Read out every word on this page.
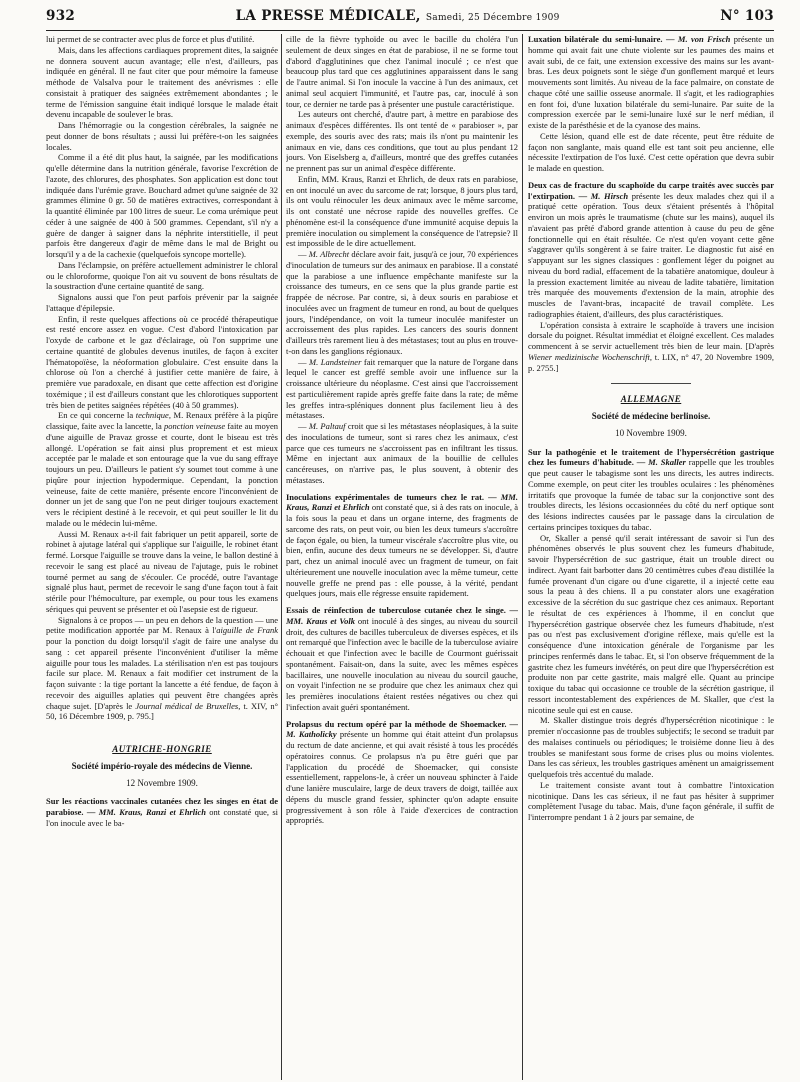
932	LA PRESSE MÉDICALE, Samedi, 25 Décembre 1909	N° 103

lui permet de se contracter avec plus de force et plus d'utilité.

Mais, dans les affections cardiaques proprement dites, la saignée ne donnera souvent aucun avantage; elle n'est, d'ailleurs, pas indiquée en général. Il ne faut citer que pour mémoire la fameuse méthode de Valsalva pour le traitement des anévrismes : elle consistait à pratiquer des saignées extrêmement abondantes ; le terme de l'émission sanguine était indiqué lorsque le malade était devenu incapable de soulever le bras.

Dans l'hémorragie ou la congestion cérébrales, la saignée ne peut donner de bons résultats ; aussi lui préfère-t-on les saignées locales.

Comme il a été dit plus haut, la saignée, par les modifications qu'elle détermine dans la nutrition générale, favorise l'excrétion de l'azote, des chlorures, des phosphates. Son application est donc tout indiquée dans l'urémie grave. Bouchard admet qu'une saignée de 32 grammes élimine 0 gr. 50 de matières extractives, correspondant à la quantité éliminée par 100 litres de sueur. Le coma urémique peut céder à une saignée de 400 à 500 grammes. Cependant, s'il n'y a guère de danger à saigner dans la néphrite interstitielle, il peut parfois être dangereux d'agir de même dans le mal de Bright ou lorsqu'il y a de la cachexie (quelquefois syncope mortelle).

Dans l'éclampsie, on préfère actuellement administrer le chloral ou le chloroforme, quoique l'on ait vu souvent de bons résultats de la soustraction d'une certaine quantité de sang.

Signalons aussi que l'on peut parfois prévenir par la saignée l'attaque d'épilepsie.

Enfin, il reste quelques affections où ce procédé thérapeutique est resté encore assez en vogue. C'est d'abord l'intoxication par l'oxyde de carbone et le gaz d'éclairage, où l'on supprime une certaine quantité de globules devenus inutiles, de façon à exciter l'hématopoïèse, la néoformation globulaire. C'est ensuite dans la chlorose où l'on a cherché à justifier cette manière de faire, à première vue paradoxale, en disant que cette affection est d'origine toxémique ; il est d'ailleurs constant que les chlorotiques supportent très bien de petites saignées répétées (40 à 50 grammes).

En ce qui concerne la technique, M. Renaux préfère à la piqûre classique, faite avec la lancette, la ponction veineuse faite au moyen d'une aiguille de Pravaz grosse et courte, dont le biseau est très allongé. L'opération se fait ainsi plus proprement et est mieux acceptée par le malade et son entourage que la vue du sang effraye toujours un peu. D'ailleurs le patient s'y soumet tout comme à une piqûre pour injection hypodermique. Cependant, la ponction veineuse, faite de cette manière, présente encore l'inconvénient de donner un jet de sang que l'on ne peut diriger toujours exactement vers le récipient destiné à le recevoir, et qui peut souiller le lit du malade ou le médecin lui-même.

Aussi M. Renaux a-t-il fait fabriquer un petit appareil, sorte de robinet à ajutage latéral qui s'applique sur l'aiguille, le robinet étant fermé. Lorsque l'aiguille se trouve dans la veine, le ballon destiné à recevoir le sang est placé au niveau de l'ajutage, puis le robinet tourné permet au sang de s'écouler. Ce procédé, outre l'avantage signalé plus haut, permet de recevoir le sang d'une façon tout à fait stérile pour l'hémoculture, par exemple, ou pour tous les examens sériques qui peuvent se présenter et où l'asepsie est de rigueur.

Signalons à ce propos — un peu en dehors de la question — une petite modification apportée par M. Renaux à l'aiguille de Frank pour la ponction du doigt lorsqu'il s'agit de faire une analyse du sang : cet appareil présente l'inconvénient d'utiliser la même aiguille pour tous les malades. La stérilisation n'en est pas toujours facile sur place. M. Renaux a fait modifier cet instrument de la façon suivante : la tige portant la lancette a été fendue, de façon à recevoir des aiguilles aplaties qui peuvent être changées après chaque sujet. [D'après le Journal médical de Bruxelles, t. XIV, n° 50, 16 Décembre 1909, p. 795.]

AUTRICHE-HONGRIE
Société império-royale des médecins de Vienne.
12 Novembre 1909.

Sur les réactions vaccinales cutanées chez les singes en état de parabiose. — MM. Kraus, Ranzi et Ehrlich ont constaté que, si l'on inocule avec le ba-

cille de la fièvre typhoïde ou avec le bacille du choléra l'un seulement de deux singes en état de parabiose, il ne se forme tout d'abord d'agglutinines que chez l'animal inoculé ; ce n'est que beaucoup plus tard que ces agglutinines apparaissent dans le sang de l'autre animal. Si l'on inocule la vaccine à l'un des animaux, cet animal seul acquiert l'immunité, et l'autre pas, car, inoculé à son tour, ce dernier ne tarde pas à présenter une pustule caractéristique.

Les auteurs ont cherché, d'autre part, à mettre en parabiose des animaux d'espèces différentes. Ils ont tenté de « parabioser », par exemple, des souris avec des rats; mais ils n'ont pu maintenir les animaux en vie, dans ces conditions, que tout au plus pendant 12 jours. Von Eiselsberg a, d'ailleurs, montré que des greffes cutanées ne prennent pas sur un animal d'espèce différente.

Enfin, MM. Kraus, Ranzi et Ehrlich, de deux rats en parabiose, en ont inoculé un avec du sarcome de rat; lorsque, 8 jours plus tard, ils ont voulu réinoculer les deux animaux avec le même sarcome, ils ont constaté une nécrose rapide des nouvelles greffes. Ce phénomène est-il la conséquence d'une immunité acquise depuis la première inoculation ou simplement la conséquence de l'atrepsie? Il est impossible de le dire actuellement.

— M. Albrecht déclare avoir fait, jusqu'à ce jour, 70 expériences d'inoculation de tumeurs sur des animaux en parabiose. Il a constaté que la parabiose a une influence empêchante manifeste sur la croissance des tumeurs, en ce sens que la plus grande partie est frappée de nécrose. Par contre, si, à deux souris en parabiose et inoculées avec un fragment de tumeur en rond, au bout de quelques jours, l'indépendance, on voit la tumeur inoculée manifester un accroissement des plus rapides. Les cancers des souris donnent d'ailleurs très rarement lieu à des métastases; tout au plus en trouve-t-on dans les ganglions régionaux.

— M. Landsteiner fait remarquer que la nature de l'organe dans lequel le cancer est greffé semble avoir une influence sur la croissance ultérieure du néoplasme. C'est ainsi que l'accroissement est particulièrement rapide après greffe faite dans la rate; de même les greffes intra-spléniques donnent plus facilement lieu à des métastases.

— M. Paltauf croit que si les métastases néoplasiques, à la suite des inoculations de tumeur, sont si rares chez les animaux, c'est parce que ces tumeurs ne s'accroissent pas en infiltrant les tissus. Même en injectant aux animaux de la bouillie de cellules cancéreuses, on n'arrive pas, le plus souvent, à obtenir des métastases.

Inoculations expérimentales de tumeurs chez le rat. — MM. Kraus, Ranzi et Ehrlich ont constaté que, si à des rats on inocule, à la fois sous la peau et dans un organe interne, des fragments de sarcome des rats, on peut voir, ou bien les deux tumeurs s'accroître de façon égale, ou bien, la tumeur viscérale s'accroître plus vite, ou bien, enfin, aucune des deux tumeurs ne se développer. Si, d'autre part, chez un animal inoculé avec un fragment de tumeur, on fait ultérieurement une nouvelle inoculation avec la même tumeur, cette nouvelle greffe ne prend pas : elle pousse, à la vérité, pendant quelques jours, mais elle régresse ensuite rapidement.

Essais de réinfection de tuberculose cutanée chez le singe. — MM. Kraus et Volk ont inoculé à des singes, au niveau du sourcil droit, des cultures de bacilles tuberculeux de diverses espèces, et ils ont remarqué que l'infection avec le bacille de la tuberculose aviaire échouait et que l'infection avec le bacille de Courmont guérissait spontanément. Faisait-on, dans la suite, avec les mêmes espèces bacillaires, une nouvelle inoculation au niveau du sourcil gauche, on voyait l'infection ne se produire que chez les animaux chez qui les premières inoculations étaient restées négatives ou chez qui l'infection avait guéri spontanément.

Prolapsus du rectum opéré par la méthode de Shoemacker. — M. Katholicky présente un homme qui était atteint d'un prolapsus du rectum de date ancienne, et qui avait résisté à tous les procédés opératoires connus. Ce prolapsus n'a pu être guéri que par l'application du procédé de Shoemacker, qui consiste essentiellement, rappelons-le, à créer un nouveau sphincter à l'aide d'une lanière musculaire, large de deux travers de doigt, taillée aux dépens du muscle grand fessier, sphincter qu'on adapte ensuite progressivement à son rôle à l'aide d'exercices de contraction appropriés.

Luxation bilatérale du semi-lunaire. — M. von Frisch présente un homme qui avait fait une chute violente sur les paumes des mains et avait subi, de ce fait, une extension excessive des mains sur les avant-bras. Les deux poignets sont le siège d'un gonflement marqué et leurs mouvements sont limités. Au niveau de la face palmaire, on constate de chaque côté une saillie osseuse anormale. Il s'agit, et les radiographies en font foi, d'une luxation bilatérale du semi-lunaire. Par suite de la compression exercée par le semi-lunaire luxé sur le nerf médian, il existe de la parésthésie et de la cyanose des mains.

Cette lésion, quand elle est de date récente, peut être réduite de façon non sanglante, mais quand elle est tant soit peu ancienne, elle nécessite l'extirpation de l'os luxé. C'est cette opération que devra subir le malade en question.

Deux cas de fracture du scaphoïde du carpe traités avec succès par l'extirpation. — M. Hirsch présente les deux malades chez qui il a pratiqué cette opération. Tous deux s'étaient présentés à l'hôpital environ un mois après le traumatisme (chute sur les mains), auquel ils n'avaient pas prêté d'abord grande attention à cause du peu de gêne fonctionnelle qui en était résultée. Ce n'est qu'en voyant cette gêne s'aggraver qu'ils songèrent à se faire traiter. Le diagnostic fut aisé en s'appuyant sur les signes classiques : gonflement léger du poignet au niveau du bord radial, effacement de la tabatière anatomique, douleur à la pression exactement limitée au niveau de ladite tabatière, limitation très marquée des mouvements d'extension de la main, atrophie des muscles de l'avant-bras, incapacité de travail complète. Les radiographies étaient, d'ailleurs, des plus caractéristiques.

L'opération consista à extraire le scaphoïde à travers une incision dorsale du poignet. Résultat immédiat et éloigné excellent. Ces malades commencent à se servir actuellement très bien de leur main. [D'après Wiener medizinische Wochenschrift, t. LIX, n° 47, 20 Novembre 1909, p. 2755.]

ALLEMAGNE
Société de médecine berlinoise.
10 Novembre 1909.

Sur la pathogénie et le traitement de l'hypersécrétion gastrique chez les fumeurs d'habitude. — M. Skaller rappelle que les troubles que peut causer le tabagisme sont les uns directs, les autres indirects. Comme exemple, on peut citer les troubles oculaires : les phénomènes irritatifs que provoque la fumée de tabac sur la conjonctive sont des troubles directs, les lésions occasionnées du côté du nerf optique sont des lésions indirectes causées par le passage dans la circulation de certains principes toxiques du tabac.

Or, Skaller a pensé qu'il serait intéressant de savoir si l'un des phénomènes observés le plus souvent chez les fumeurs d'habitude, savoir l'hypersécrétion de suc gastrique, était un trouble direct ou indirect. Ayant fait barbotter dans 20 centimètres cubes d'eau distillée la fumée provenant d'un cigare ou d'une cigarette, il a injecté cette eau sous la peau à des chiens. Il a pu constater alors une exagération excessive de la sécrétion du suc gastrique chez ces animaux. Reportant le résultat de ces expériences à l'homme, il en conclut que l'hypersécrétion gastrique observée chez les fumeurs d'habitude, n'est pas ou n'est pas exclusivement d'origine réflexe, mais qu'elle est la conséquence d'une intoxication générale de l'organisme par les principes renfermés dans le tabac. Et, si l'on observe fréquemment de la gastrite chez les fumeurs invétérés, on peut dire que l'hypersécrétion est produite non par cette gastrite, mais malgré elle. Quant au principe toxique du tabac qui occasionne ce trouble de la sécrétion gastrique, il ressort incontestablement des expériences de M. Skaller, que c'est la nicotine seule qui est en cause.

M. Skaller distingue trois degrés d'hypersécrétion nicotinique : le premier n'occasionne pas de troubles subjectifs; le second se traduit par des malaises continuels ou périodiques; le troisième donne lieu à des troubles se manifestant sous forme de crises plus ou moins violentes. Dans les cas sérieux, les troubles gastriques amènent un amaigrissement quelquefois très accentué du malade.

Le traitement consiste avant tout à combattre l'intoxication nicotinique. Dans les cas sérieux, il ne faut pas hésiter à supprimer complètement l'usage du tabac. Mais, d'une façon générale, il suffit de l'interrompre pendant 1 à 2 jours par semaine, de
